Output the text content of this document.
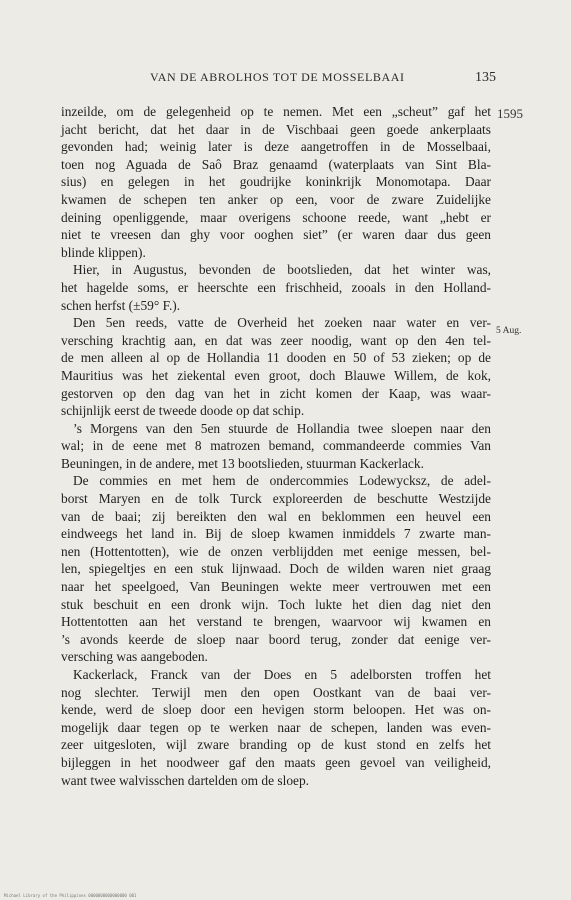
VAN DE ABROLHOS TOT DE MOSSELBAAI	135
1595
5 Aug.
inzeilde, om de gelegenheid op te nemen. Met een „scheut” gaf het
jacht bericht, dat het daar in de Vischbaai geen goede ankerplaats
gevonden had; weinig later is deze aangetroffen in de Mosselbaai,
toen nog Aguada de Saô Braz genaamd (waterplaats van Sint Bla-
sius) en gelegen in het goudrijke koninkrijk Monomotapa. Daar
kwamen de schepen ten anker op een, voor de zware Zuidelijke
deining openliggende, maar overigens schoone reede, want „hebt er
niet te vreesen dan ghy voor ooghen siet” (er waren daar dus geen
blinde klippen).
Hier, in Augustus, bevonden de bootslieden, dat het winter was,
het hagelde soms, er heerschte een frischheid, zooals in den Holland-
schen herfst (±59° F.).
Den 5en reeds, vatte de Overheid het zoeken naar water en ver-
versching krachtig aan, en dat was zeer noodig, want op den 4en tel-
de men alleen al op de Hollandia 11 dooden en 50 of 53 zieken; op de
Mauritius was het ziekental even groot, doch Blauwe Willem, de kok,
gestorven op den dag van het in zicht komen der Kaap, was waar-
schijnlijk eerst de tweede doode op dat schip.
’s Morgens van den 5en stuurde de Hollandia twee sloepen naar den
wal; in de eene met 8 matrozen bemand, commandeerde commies Van
Beuningen, in de andere, met 13 bootslieden, stuurman Kackerlack.
De commies en met hem de ondercommies Lodewycksz, de adel-
borst Maryen en de tolk Turck exploreerden de beschutte Westzijde
van de baai; zij bereikten den wal en beklommen een heuvel een
eindweegs het land in. Bij de sloep kwamen inmiddels 7 zwarte man-
nen (Hottentotten), wie de onzen verblijdden met eenige messen, bel-
len, spiegeltjes en een stuk lijnwaad. Doch de wilden waren niet graag
naar het speelgoed, Van Beuningen wekte meer vertrouwen met een
stuk beschuit en een dronk wijn. Toch lukte het dien dag niet den
Hottentotten aan het verstand te brengen, waarvoor wij kwamen en
’s avonds keerde de sloep naar boord terug, zonder dat eenige ver-
versching was aangeboden.
Kackerlack, Franck van der Does en 5 adelborsten troffen het
nog slechter. Terwijl men den open Oostkant van de baai ver-
kende, werd de sloep door een hevigen storm beloopen. Het was on-
mogelijk daar tegen op te werken naar de schepen, landen was even-
zeer uitgesloten, wijl zware branding op de kust stond en zelfs het
bijleggen in het noodweer gaf den maats geen gevoel van veiligheid,
want twee walvisschen dartelden om de sloep.
Michael Library of the Philippines 0000000000000000 001
